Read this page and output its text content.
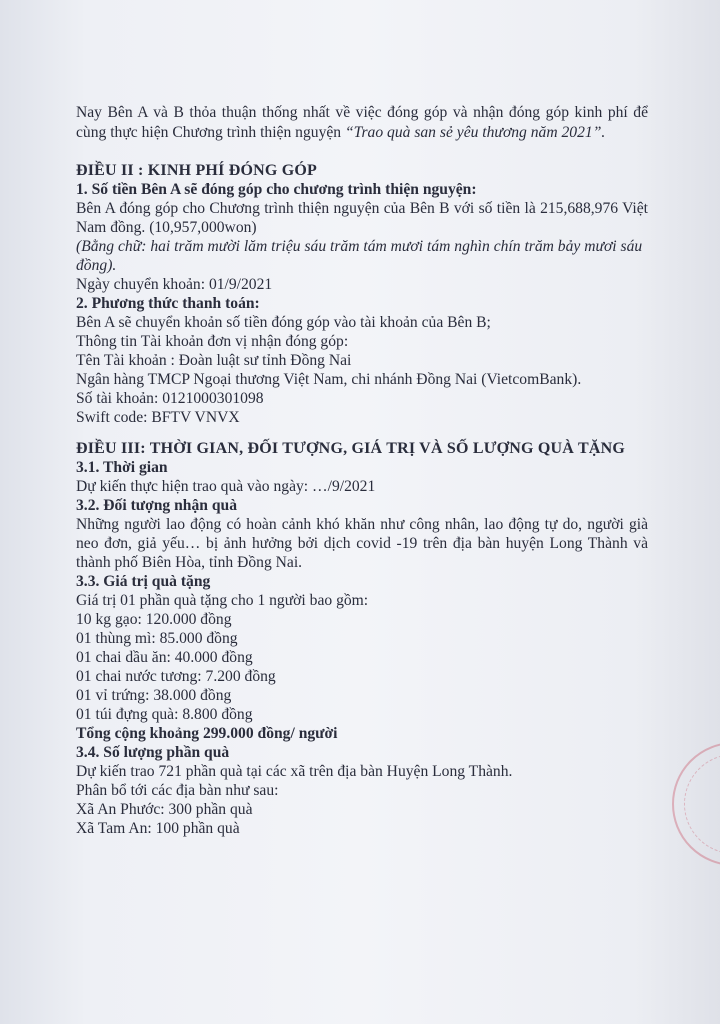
Nay Bên A và B thỏa thuận thống nhất về việc đóng góp và nhận đóng góp kinh phí để cùng thực hiện Chương trình thiện nguyện “Trao quà san sẻ yêu thương năm 2021”.

ĐIỀU II : KINH PHÍ ĐÓNG GÓP

1. Số tiền Bên A sẽ đóng góp cho chương trình thiện nguyện:

Bên A đóng góp cho Chương trình thiện nguyện của Bên B với số tiền là 215,688,976 Việt Nam đồng. (10,957,000won)

(Bằng chữ: hai trăm mười lăm triệu sáu trăm tám mươi tám nghìn chín trăm bảy mươi sáu đồng).

Ngày chuyển khoản: 01/9/2021

2. Phương thức thanh toán:

Bên A sẽ chuyển khoản số tiền đóng góp vào tài khoản của Bên B;

Thông tin Tài khoản đơn vị nhận đóng góp:

Tên Tài khoản : Đoàn luật sư tỉnh Đồng Nai

Ngân hàng TMCP Ngoại thương Việt Nam, chi nhánh Đồng Nai (VietcomBank).

Số tài khoản: 0121000301098

Swift code: BFTV VNVX

ĐIỀU III: THỜI GIAN, ĐỐI TƯỢNG, GIÁ TRỊ VÀ SỐ LƯỢNG QUÀ TẶNG

3.1. Thời gian

Dự kiến thực hiện trao quà vào ngày: …/9/2021

3.2. Đối tượng nhận quà

Những người lao động có hoàn cảnh khó khăn như công nhân, lao động tự do, người già neo đơn, giả yếu… bị ảnh hưởng bởi dịch covid -19 trên địa bàn huyện Long Thành và thành phố Biên Hòa, tỉnh Đồng Nai.

3.3. Giá trị quà tặng

Giá trị 01 phần quà tặng cho 1 người bao gồm:

10 kg gạo: 120.000 đồng

01 thùng mì: 85.000 đồng

01 chai dầu ăn: 40.000 đồng

01 chai nước tương: 7.200 đồng

01 vỉ trứng: 38.000 đồng

01 túi đựng quà: 8.800 đồng

Tổng cộng khoảng 299.000 đồng/ người

3.4. Số lượng phần quà

Dự kiến trao 721 phần quà tại các xã trên địa bàn Huyện Long Thành.

Phân bổ tới các địa bàn như sau:

Xã An Phước: 300 phần quà

Xã Tam An: 100 phần quà
